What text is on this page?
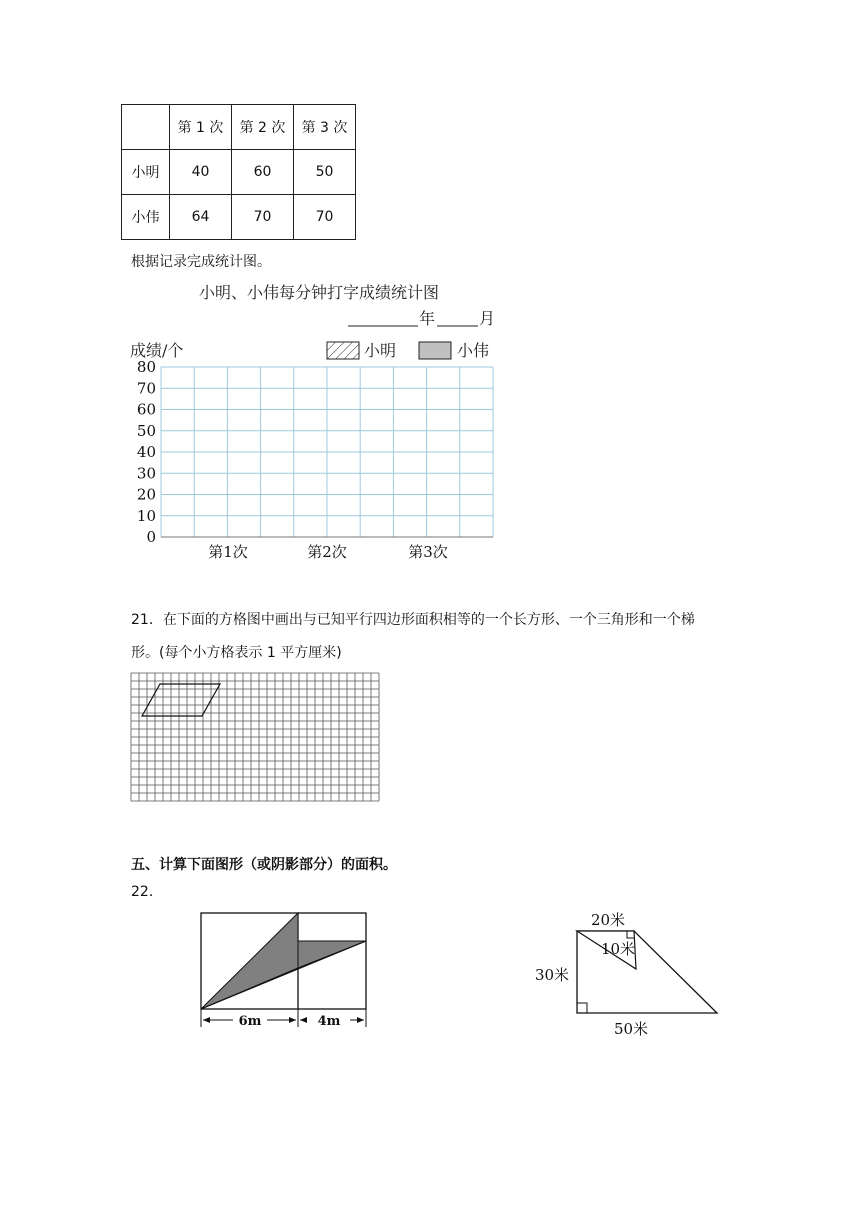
	第 1 次	第 2 次	第 3 次
小明	40	60	50
小伟	64	70	70
根据记录完成统计图。
小明、小伟每分钟打字成绩统计图
年	月
成绩/个	小明	小伟
0
10
20
30
40
50
60
70
80
第1次	第2次	第3次
21．在下面的方格图中画出与已知平行四边形面积相等的一个长方形、一个三角形和一个梯
形。(每个小方格表示 1 平方厘米)
五、计算下面图形（或阴影部分）的面积。
22．
6m	4m
20米
10米
30米
50米
